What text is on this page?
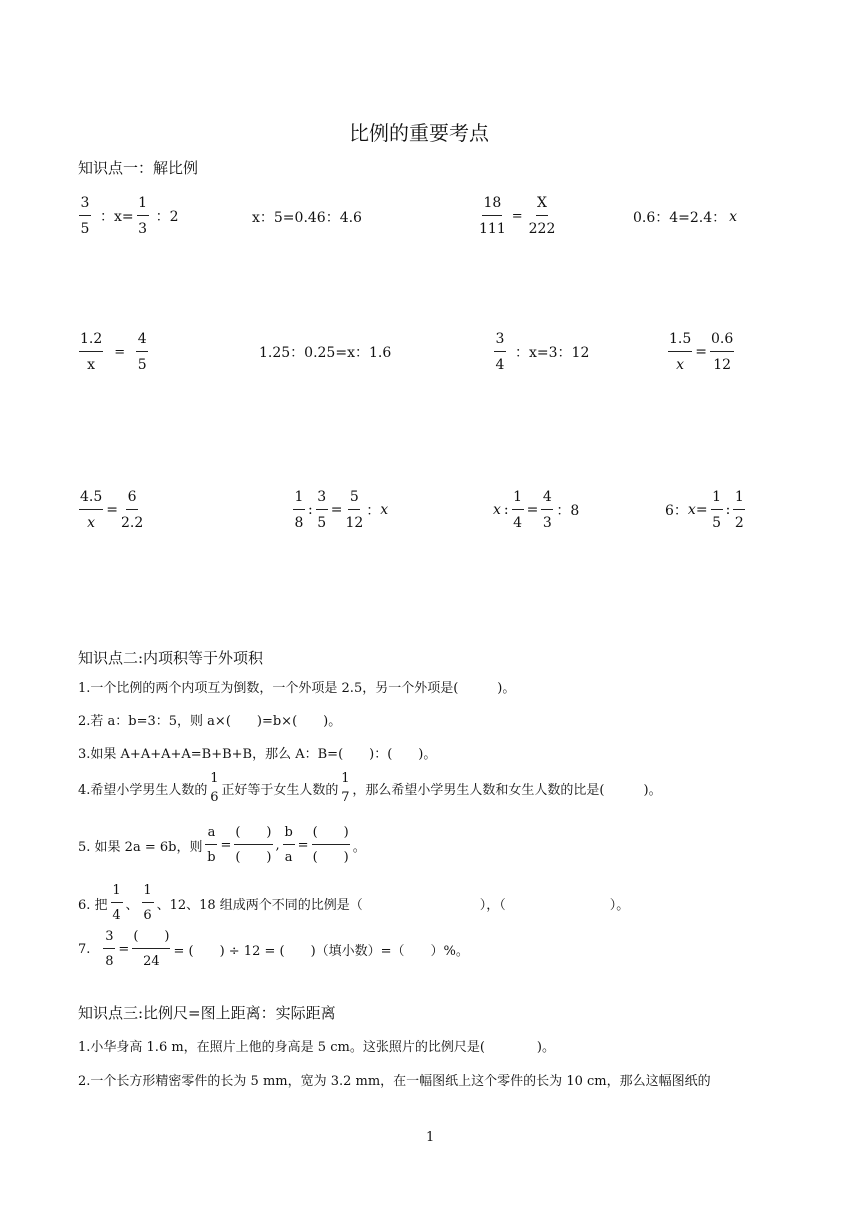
比例的重要考点
知识点一：解比例
$\frac{3}{5}$ ：$x= \frac{1}{3}$ ：2	x：5=0.46：4.6	$\frac{18}{111} = \frac{X}{222}$	0.6：4=2.4： x
$\frac{1.2}{x} = \frac{4}{5}$	1.25：0.25=x：1.6	$\frac{3}{4}$ ：x=3：12	$\frac{1.5}{x} = \frac{0.6}{12}$
$\frac{4.5}{x} = \frac{6}{2.2}$	$\frac{1}{8}$ : $\frac{3}{5} = \frac{5}{12}$ ： x	x : $\frac{1}{4} = \frac{4}{3}$ ：8	6： $x = \frac{1}{5}$ : $\frac{1}{2}$
知识点二:内项积等于外项积
1.一个比例的两个内项互为倒数，一个外项是 2.5，另一个外项是(　　　)。
2.若 a：b=3：5，则 a×(　　)=b×(　　)。
3.如果 A+A+A+A=B+B+B，那么 A：B=(　　)：(　　)。
4.希望小学男生人数的
1
6 正好等于女生人数的
1
7 ，那么希望小学男生人数和女生人数的比是(　　　)。
5. 如果 2a = 6b，则 $\frac{a}{b} = \frac{( )}{( )}$ , $\frac{b}{a} = \frac{( )}{( )}$ 。
6. 把 $\frac{1}{4}$ 、 $\frac{1}{6}$ 、12、18 组成两个不同的比例是（　　　　　　　　　），（　　　　　　　　）。
7. $\frac{3}{8} = \frac{( )}{24}$ = (　　) ÷ 12 = (　　)（填小数）=（　　）%。
知识点三:比例尺=图上距离：实际距离
1.小华身高 1.6 m，在照片上他的身高是 5 cm。这张照片的比例尺是(　　　　)。
2.一个长方形精密零件的长为 5 mm，宽为 3.2 mm，在一幅图纸上这个零件的长为 10 cm，那么这幅图纸的
1
